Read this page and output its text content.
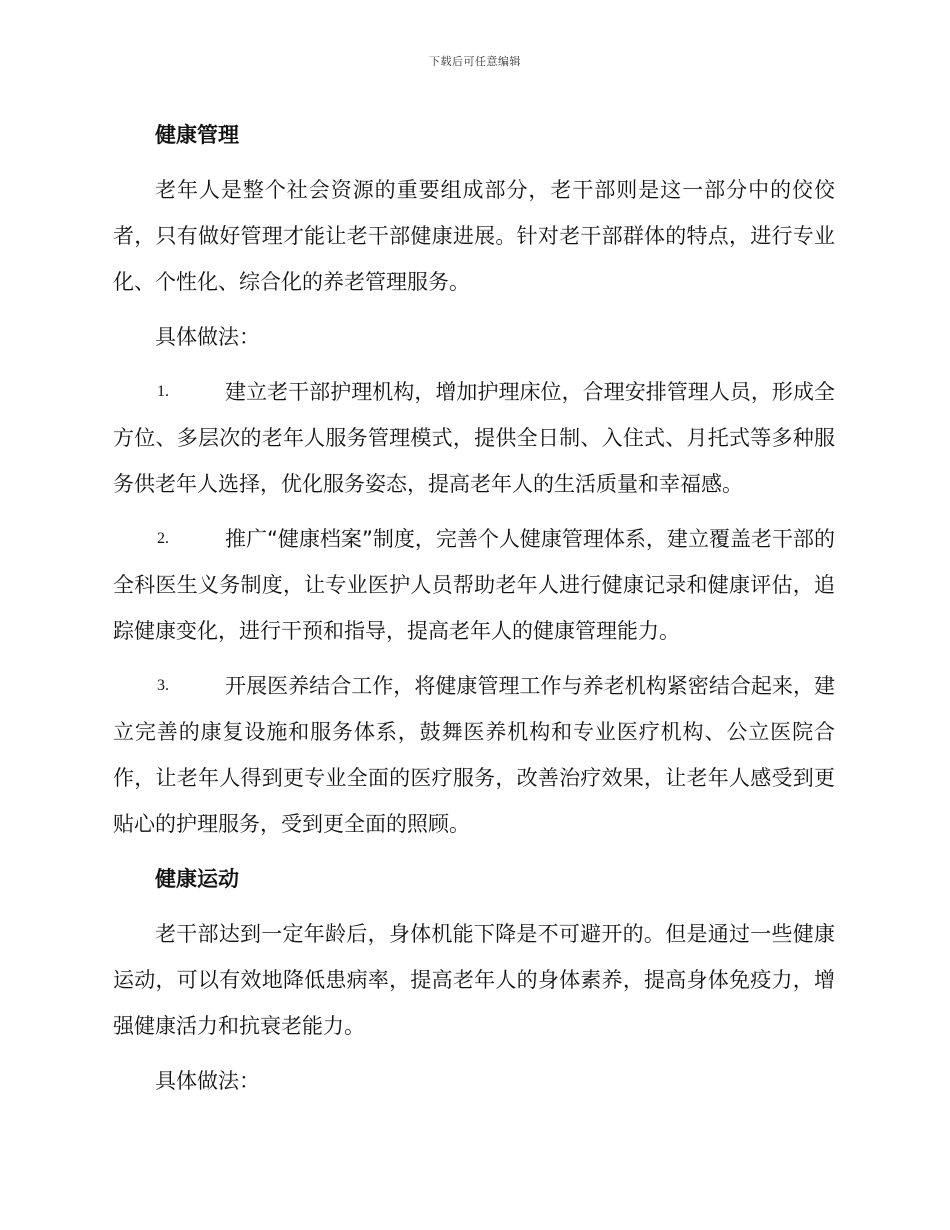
下载后可任意编辑
健康管理
老年人是整个社会资源的重要组成部分，老干部则是这一部分中的佼佼者，只有做好管理才能让老干部健康进展。针对老干部群体的特点，进行专业化、个性化、综合化的养老管理服务。
具体做法：
1.	建立老干部护理机构，增加护理床位，合理安排管理人员，形成全方位、多层次的老年人服务管理模式，提供全日制、入住式、月托式等多种服务供老年人选择，优化服务姿态，提高老年人的生活质量和幸福感。
2.	推广“健康档案”制度，完善个人健康管理体系，建立覆盖老干部的全科医生义务制度，让专业医护人员帮助老年人进行健康记录和健康评估，追踪健康变化，进行干预和指导，提高老年人的健康管理能力。
3.	开展医养结合工作，将健康管理工作与养老机构紧密结合起来，建立完善的康复设施和服务体系，鼓舞医养机构和专业医疗机构、公立医院合作，让老年人得到更专业全面的医疗服务，改善治疗效果，让老年人感受到更贴心的护理服务，受到更全面的照顾。
健康运动
老干部达到一定年龄后，身体机能下降是不可避开的。但是通过一些健康运动，可以有效地降低患病率，提高老年人的身体素养，提高身体免疫力，增强健康活力和抗衰老能力。
具体做法：
